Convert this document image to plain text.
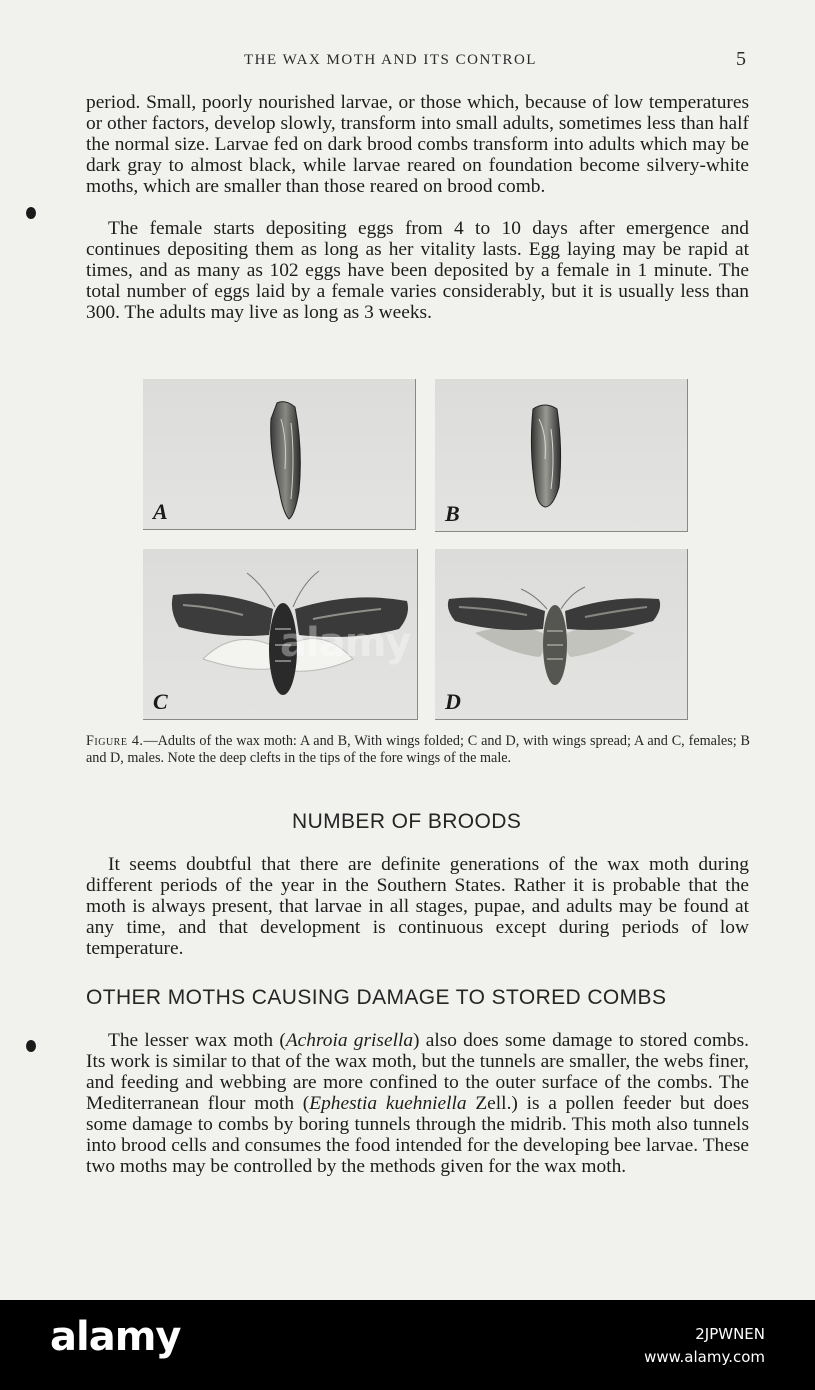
THE WAX MOTH AND ITS CONTROL	5

period. Small, poorly nourished larvae, or those which, because of low temperatures or other factors, develop slowly, transform into small adults, sometimes less than half the normal size. Larvae fed on dark brood combs transform into adults which may be dark gray to almost black, while larvae reared on foundation become silvery-white moths, which are smaller than those reared on brood comb.

The female starts depositing eggs from 4 to 10 days after emergence and continues depositing them as long as her vitality lasts. Egg laying may be rapid at times, and as many as 102 eggs have been deposited by a female in 1 minute. The total number of eggs laid by a female varies considerably, but it is usually less than 300. The adults may live as long as 3 weeks.

A	B
C	D
alamy
Figure 4.—Adults of the wax moth: A and B, With wings folded; C and D, with wings spread; A and C, females; B and D, males. Note the deep clefts in the tips of the fore wings of the male.
NUMBER OF BROODS

It seems doubtful that there are definite generations of the wax moth during different periods of the year in the Southern States. Rather it is probable that the moth is always present, that larvae in all stages, pupae, and adults may be found at any time, and that development is continuous except during periods of low temperature.

OTHER MOTHS CAUSING DAMAGE TO STORED COMBS

The lesser wax moth (Achroia grisella) also does some damage to stored combs. Its work is similar to that of the wax moth, but the tunnels are smaller, the webs finer, and feeding and webbing are more confined to the outer surface of the combs. The Mediterranean flour moth (Ephestia kuehniella Zell.) is a pollen feeder but does some damage to combs by boring tunnels through the midrib. This moth also tunnels into brood cells and consumes the food intended for the developing bee larvae. These two moths may be controlled by the methods given for the wax moth.

alamy	2JPWNEN
www.alamy.com
